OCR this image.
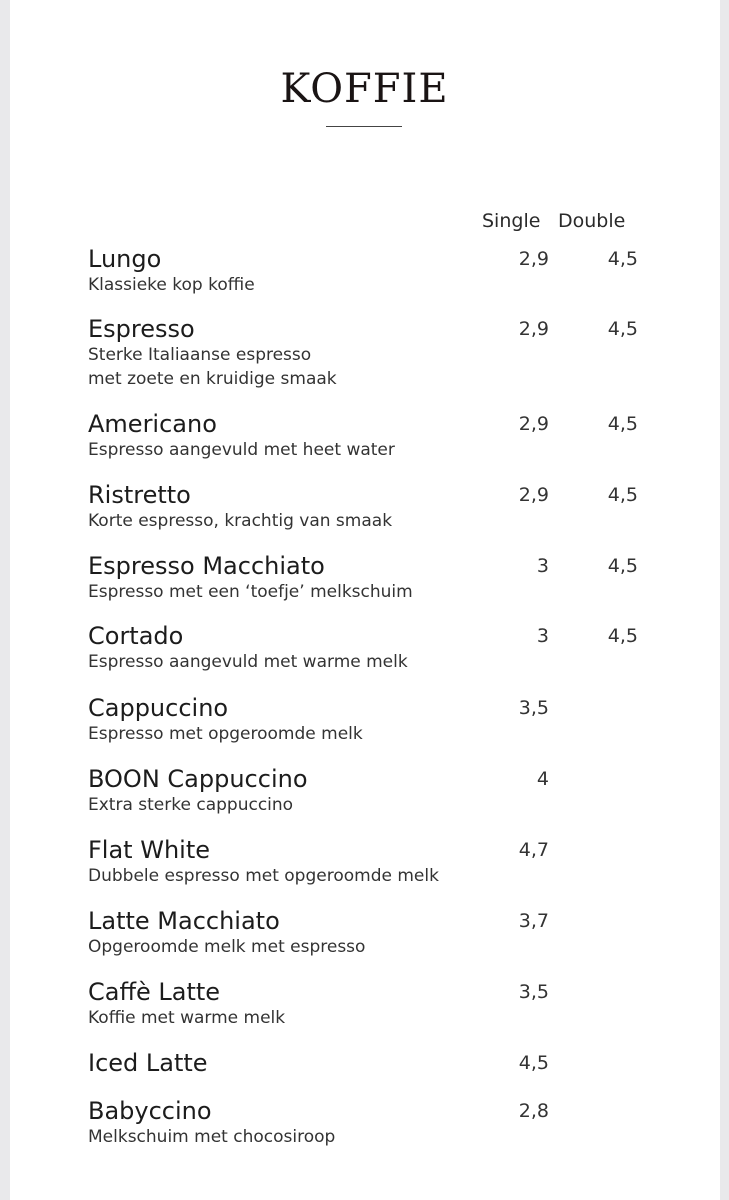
KOFFIE
Single Double
Lungo
Klassieke kop koffie
2,9	4,5
Espresso
Sterke Italiaanse espresso
met zoete en kruidige smaak
2,9	4,5
Americano
Espresso aangevuld met heet water
2,9	4,5
Ristretto
Korte espresso, krachtig van smaak
2,9	4,5
Espresso Macchiato
Espresso met een ‘toefje’ melkschuim
3	4,5
Cortado
Espresso aangevuld met warme melk
3	4,5
Cappuccino
Espresso met opgeroomde melk
3,5
BOON Cappuccino
Extra sterke cappuccino
4
Flat White
Dubbele espresso met opgeroomde melk
4,7
Latte Macchiato
Opgeroomde melk met espresso
3,7
Caffè Latte
Koffie met warme melk
3,5
Iced Latte	4,5
Babyccino
Melkschuim met chocosiroop
2,8
